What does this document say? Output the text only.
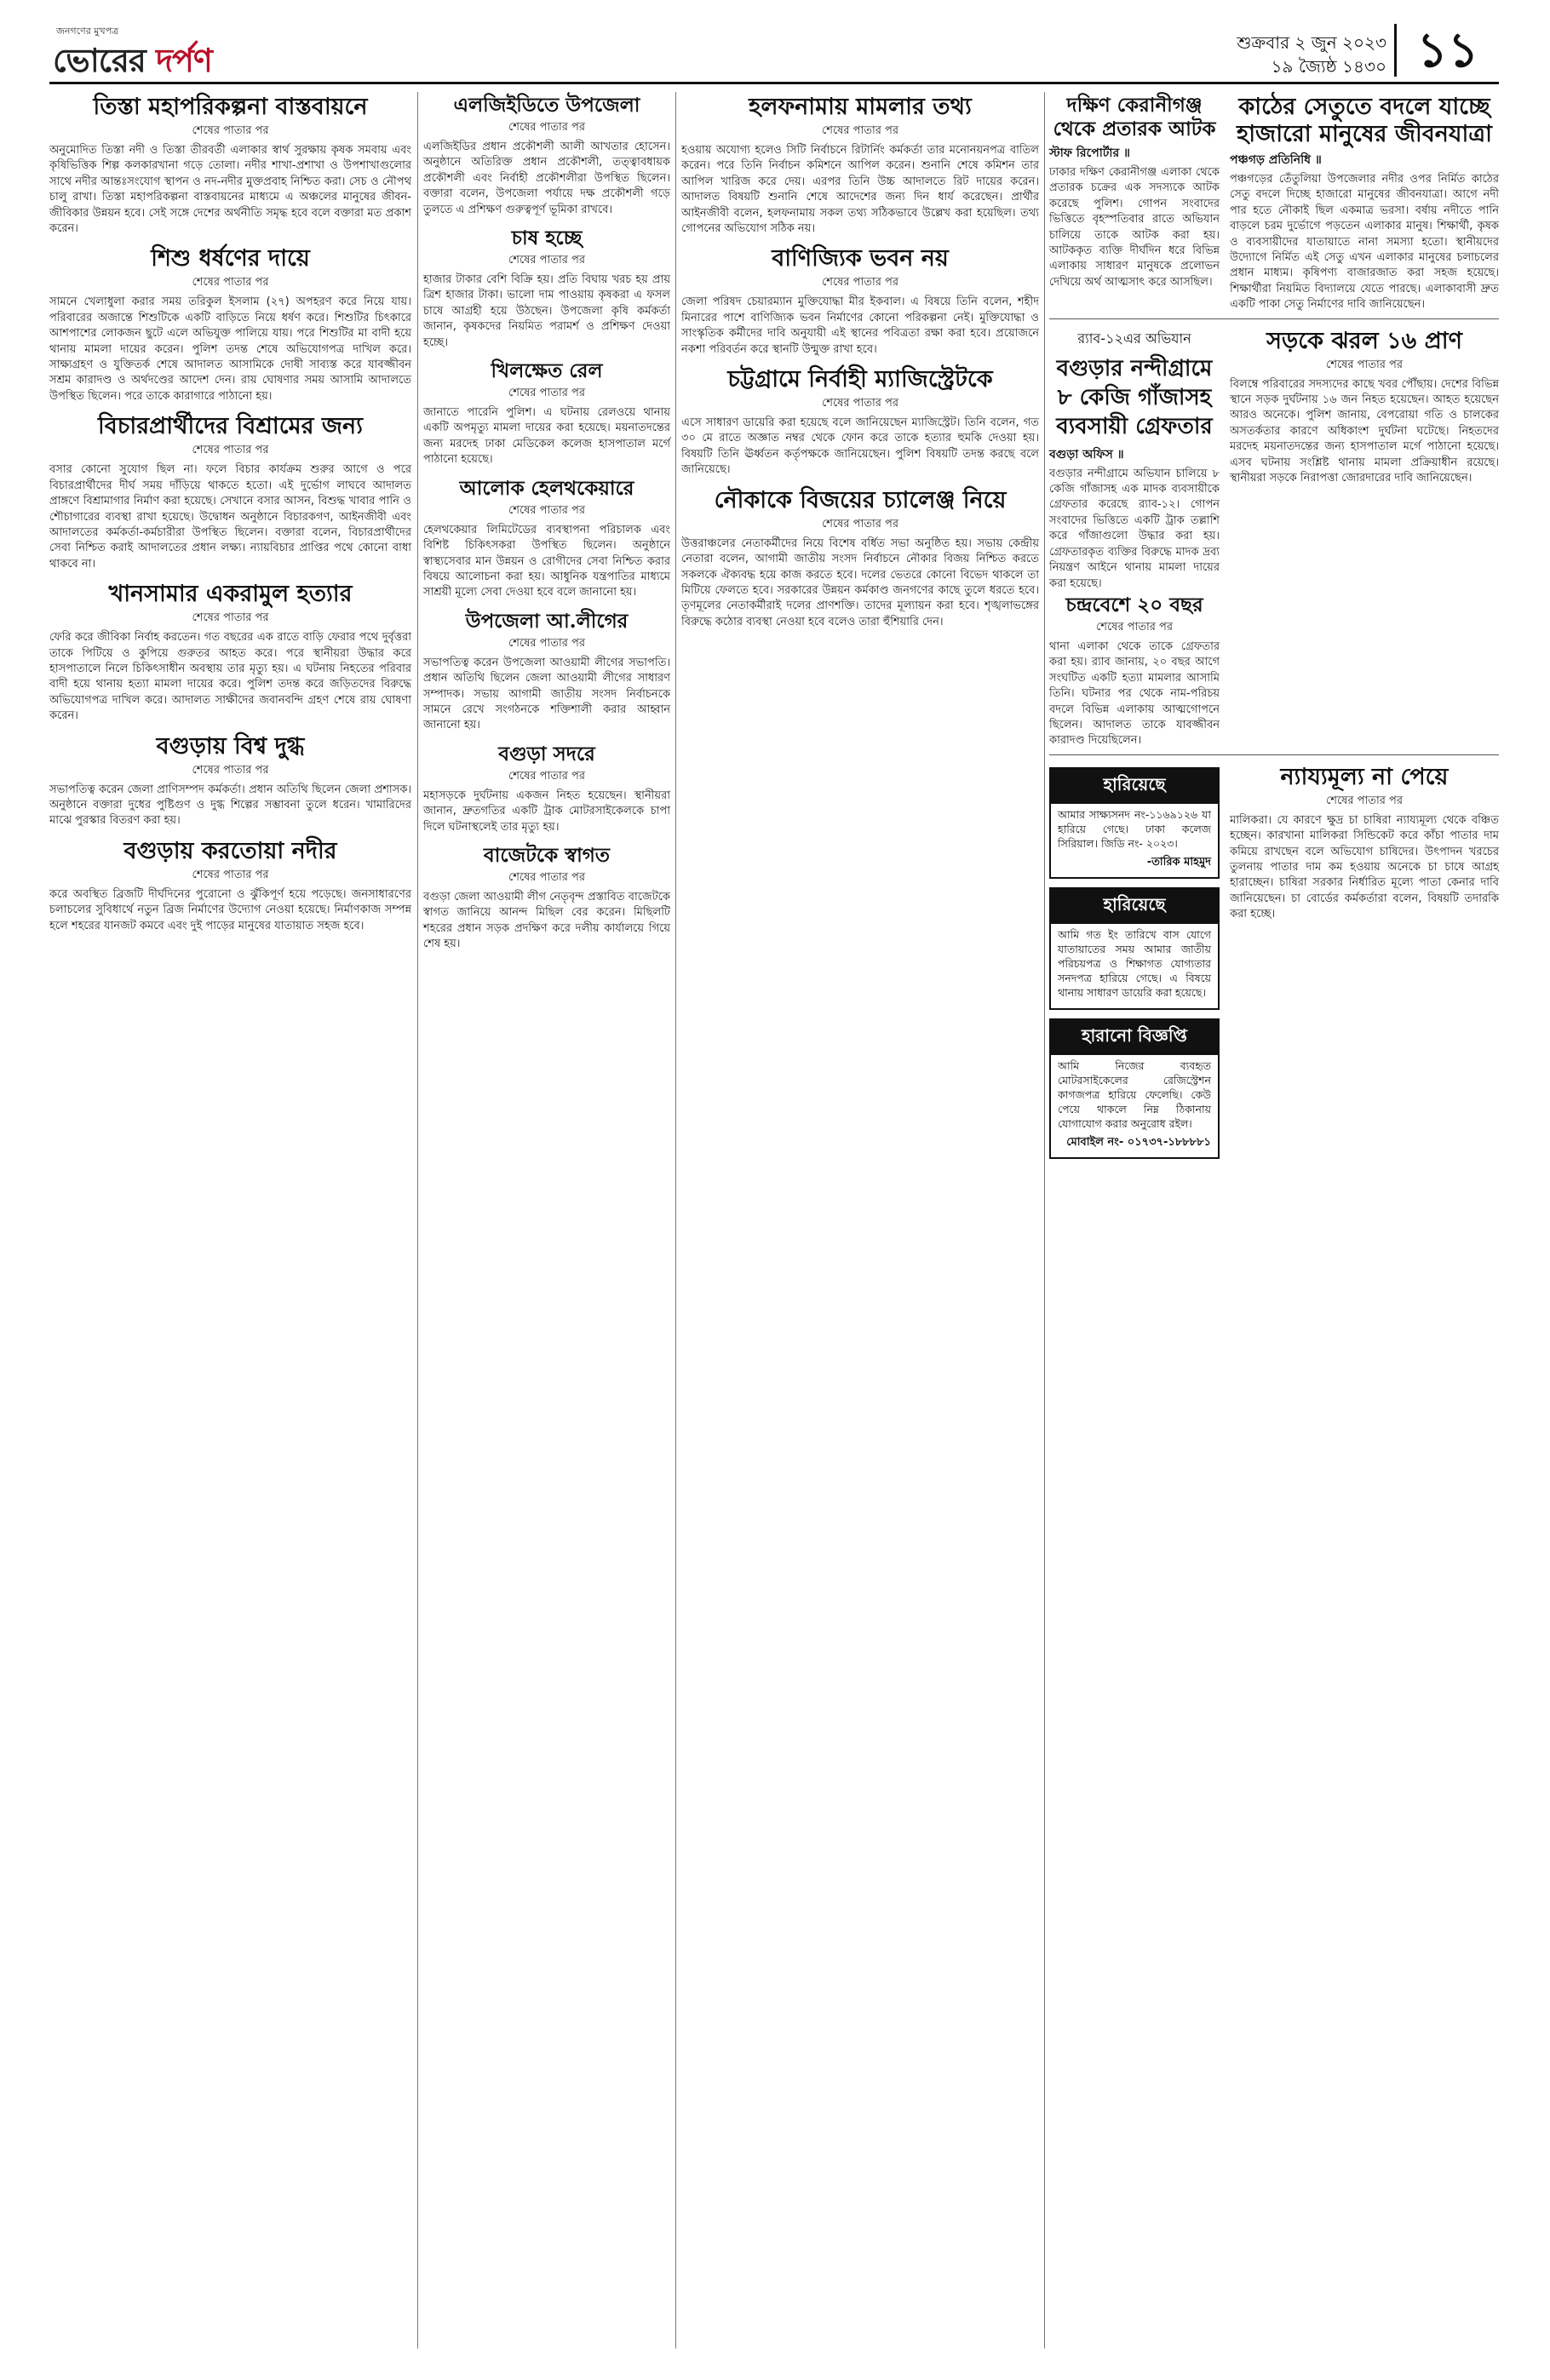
জনগণের মুখপত্র
ভোরের দর্পণ	শুক্রবার ২ জুন ২০২৩
১৯ জ্যৈষ্ঠ ১৪৩০ ১১
তিস্তা মহাপরিকল্পনা বাস্তবায়নে
শেষের পাতার পর
অনুমোদিত তিস্তা নদী ও তিস্তা তীরবর্তী এলাকার স্বার্থ সুরক্ষায় কৃষক সমবায় এবং কৃষিভিত্তিক শিল্প কলকারখানা গড়ে তোলা। নদীর শাখা-প্রশাখা ও উপশাখাগুলোর সাথে নদীর আন্তঃসংযোগ স্থাপন ও নদ-নদীর মুক্তপ্রবাহ নিশ্চিত করা। সেচ ও নৌপথ চালু রাখা। তিস্তা মহাপরিকল্পনা বাস্তবায়নের মাধ্যমে এ অঞ্চলের মানুষের জীবন-জীবিকার উন্নয়ন হবে। সেই সঙ্গে দেশের অর্থনীতি সমৃদ্ধ হবে বলে বক্তারা মত প্রকাশ করেন।
শিশু ধর্ষণের দায়ে
শেষের পাতার পর
সামনে খেলাধুলা করার সময় তরিকুল ইসলাম (২৭) অপহরণ করে নিয়ে যায়। পরিবারের অজান্তে শিশুটিকে একটি বাড়িতে নিয়ে ধর্ষণ করে। শিশুটির চিৎকারে আশপাশের লোকজন ছুটে এলে অভিযুক্ত পালিয়ে যায়। পরে শিশুটির মা বাদী হয়ে থানায় মামলা দায়ের করেন। পুলিশ তদন্ত শেষে অভিযোগপত্র দাখিল করে। সাক্ষ্যগ্রহণ ও যুক্তিতর্ক শেষে আদালত আসামিকে দোষী সাব্যস্ত করে যাবজ্জীবন সশ্রম কারাদণ্ড ও অর্থদণ্ডের আদেশ দেন। রায় ঘোষণার সময় আসামি আদালতে উপস্থিত ছিলেন। পরে তাকে কারাগারে পাঠানো হয়।
বিচারপ্রার্থীদের বিশ্রামের জন্য
শেষের পাতার পর
বসার কোনো সুযোগ ছিল না। ফলে বিচার কার্যক্রম শুরুর আগে ও পরে বিচারপ্রার্থীদের দীর্ঘ সময় দাঁড়িয়ে থাকতে হতো। এই দুর্ভোগ লাঘবে আদালত প্রাঙ্গণে বিশ্রামাগার নির্মাণ করা হয়েছে। সেখানে বসার আসন, বিশুদ্ধ খাবার পানি ও শৌচাগারের ব্যবস্থা রাখা হয়েছে। উদ্বোধন অনুষ্ঠানে বিচারকগণ, আইনজীবী এবং আদালতের কর্মকর্তা-কর্মচারীরা উপস্থিত ছিলেন। বক্তারা বলেন, বিচারপ্রার্থীদের সেবা নিশ্চিত করাই আদালতের প্রধান লক্ষ্য। ন্যায়বিচার প্রাপ্তির পথে কোনো বাধা থাকবে না।
খানসামার একরামুল হত্যার
শেষের পাতার পর
ফেরি করে জীবিকা নির্বাহ করতেন। গত বছরের এক রাতে বাড়ি ফেরার পথে দুর্বৃত্তরা তাকে পিটিয়ে ও কুপিয়ে গুরুতর আহত করে। পরে স্থানীয়রা উদ্ধার করে হাসপাতালে নিলে চিকিৎসাধীন অবস্থায় তার মৃত্যু হয়। এ ঘটনায় নিহতের পরিবার বাদী হয়ে থানায় হত্যা মামলা দায়ের করে। পুলিশ তদন্ত করে জড়িতদের বিরুদ্ধে অভিযোগপত্র দাখিল করে। আদালত সাক্ষীদের জবানবন্দি গ্রহণ শেষে রায় ঘোষণা করেন।
বগুড়ায় বিশ্ব দুগ্ধ
শেষের পাতার পর
সভাপতিত্ব করেন জেলা প্রাণিসম্পদ কর্মকর্তা। প্রধান অতিথি ছিলেন জেলা প্রশাসক। অনুষ্ঠানে বক্তারা দুধের পুষ্টিগুণ ও দুগ্ধ শিল্পের সম্ভাবনা তুলে ধরেন। খামারিদের মাঝে পুরস্কার বিতরণ করা হয়।
বগুড়ায় করতোয়া নদীর
শেষের পাতার পর
করে অবস্থিত ব্রিজটি দীর্ঘদিনের পুরোনো ও ঝুঁকিপূর্ণ হয়ে পড়েছে। জনসাধারণের চলাচলের সুবিধার্থে নতুন ব্রিজ নির্মাণের উদ্যোগ নেওয়া হয়েছে। নির্মাণকাজ সম্পন্ন হলে শহরের যানজট কমবে এবং দুই পাড়ের মানুষের যাতায়াত সহজ হবে।
এলজিইডিতে উপজেলা
শেষের পাতার পর
এলজিইডির প্রধান প্রকৌশলী আলী আখতার হোসেন। অনুষ্ঠানে অতিরিক্ত প্রধান প্রকৌশলী, তত্ত্বাবধায়ক প্রকৌশলী এবং নির্বাহী প্রকৌশলীরা উপস্থিত ছিলেন। বক্তারা বলেন, উপজেলা পর্যায়ে দক্ষ প্রকৌশলী গড়ে তুলতে এ প্রশিক্ষণ গুরুত্বপূর্ণ ভূমিকা রাখবে।
চাষ হচ্ছে
শেষের পাতার পর
হাজার টাকার বেশি বিক্রি হয়। প্রতি বিঘায় খরচ হয় প্রায় ত্রিশ হাজার টাকা। ভালো দাম পাওয়ায় কৃষকরা এ ফসল চাষে আগ্রহী হয়ে উঠছেন। উপজেলা কৃষি কর্মকর্তা জানান, কৃষকদের নিয়মিত পরামর্শ ও প্রশিক্ষণ দেওয়া হচ্ছে।
খিলক্ষেত রেল
শেষের পাতার পর
জানাতে পারেনি পুলিশ। এ ঘটনায় রেলওয়ে থানায় একটি অপমৃত্যু মামলা দায়ের করা হয়েছে। ময়নাতদন্তের জন্য মরদেহ ঢাকা মেডিকেল কলেজ হাসপাতাল মর্গে পাঠানো হয়েছে।
আলোক হেলথকেয়ারে
শেষের পাতার পর
হেলথকেয়ার লিমিটেডের ব্যবস্থাপনা পরিচালক এবং বিশিষ্ট চিকিৎসকরা উপস্থিত ছিলেন। অনুষ্ঠানে স্বাস্থ্যসেবার মান উন্নয়ন ও রোগীদের সেবা নিশ্চিত করার বিষয়ে আলোচনা করা হয়। আধুনিক যন্ত্রপাতির মাধ্যমে সাশ্রয়ী মূল্যে সেবা দেওয়া হবে বলে জানানো হয়।
উপজেলা আ.লীগের
শেষের পাতার পর
সভাপতিত্ব করেন উপজেলা আওয়ামী লীগের সভাপতি। প্রধান অতিথি ছিলেন জেলা আওয়ামী লীগের সাধারণ সম্পাদক। সভায় আগামী জাতীয় সংসদ নির্বাচনকে সামনে রেখে সংগঠনকে শক্তিশালী করার আহ্বান জানানো হয়।
বগুড়া সদরে
শেষের পাতার পর
মহাসড়কে দুর্ঘটনায় একজন নিহত হয়েছেন। স্থানীয়রা জানান, দ্রুতগতির একটি ট্রাক মোটরসাইকেলকে চাপা দিলে ঘটনাস্থলেই তার মৃত্যু হয়।
বাজেটকে স্বাগত
শেষের পাতার পর
বগুড়া জেলা আওয়ামী লীগ নেতৃবৃন্দ প্রস্তাবিত বাজেটকে স্বাগত জানিয়ে আনন্দ মিছিল বের করেন। মিছিলটি শহরের প্রধান সড়ক প্রদক্ষিণ করে দলীয় কার্যালয়ে গিয়ে শেষ হয়।
হলফনামায় মামলার তথ্য
শেষের পাতার পর
হওয়ায় অযোগ্য হলেও সিটি নির্বাচনে রিটার্নিং কর্মকর্তা তার মনোনয়নপত্র বাতিল করেন। পরে তিনি নির্বাচন কমিশনে আপিল করেন। শুনানি শেষে কমিশন তার আপিল খারিজ করে দেয়। এরপর তিনি উচ্চ আদালতে রিট দায়ের করেন। আদালত বিষয়টি শুনানি শেষে আদেশের জন্য দিন ধার্য করেছেন। প্রার্থীর আইনজীবী বলেন, হলফনামায় সকল তথ্য সঠিকভাবে উল্লেখ করা হয়েছিল। তথ্য গোপনের অভিযোগ সঠিক নয়।
বাণিজ্যিক ভবন নয়
শেষের পাতার পর
জেলা পরিষদ চেয়ারম্যান মুক্তিযোদ্ধা মীর ইকবাল। এ বিষয়ে তিনি বলেন, শহীদ মিনারের পাশে বাণিজ্যিক ভবন নির্মাণের কোনো পরিকল্পনা নেই। মুক্তিযোদ্ধা ও সাংস্কৃতিক কর্মীদের দাবি অনুযায়ী এই স্থানের পবিত্রতা রক্ষা করা হবে। প্রয়োজনে নকশা পরিবর্তন করে স্থানটি উন্মুক্ত রাখা হবে।
চট্টগ্রামে নির্বাহী ম্যাজিস্ট্রেটকে
শেষের পাতার পর
এসে সাধারণ ডায়েরি করা হয়েছে বলে জানিয়েছেন ম্যাজিস্ট্রেট। তিনি বলেন, গত ৩০ মে রাতে অজ্ঞাত নম্বর থেকে ফোন করে তাকে হত্যার হুমকি দেওয়া হয়। বিষয়টি তিনি ঊর্ধ্বতন কর্তৃপক্ষকে জানিয়েছেন। পুলিশ বিষয়টি তদন্ত করছে বলে জানিয়েছে।
নৌকাকে বিজয়ের চ্যালেঞ্জ নিয়ে
শেষের পাতার পর
উত্তরাঞ্চলের নেতাকর্মীদের নিয়ে বিশেষ বর্ধিত সভা অনুষ্ঠিত হয়। সভায় কেন্দ্রীয় নেতারা বলেন, আগামী জাতীয় সংসদ নির্বাচনে নৌকার বিজয় নিশ্চিত করতে সকলকে ঐক্যবদ্ধ হয়ে কাজ করতে হবে। দলের ভেতরে কোনো বিভেদ থাকলে তা মিটিয়ে ফেলতে হবে। সরকারের উন্নয়ন কর্মকাণ্ড জনগণের কাছে তুলে ধরতে হবে। তৃণমূলের নেতাকর্মীরাই দলের প্রাণশক্তি। তাদের মূল্যায়ন করা হবে। শৃঙ্খলাভঙ্গের বিরুদ্ধে কঠোর ব্যবস্থা নেওয়া হবে বলেও তারা হুঁশিয়ারি দেন।
দক্ষিণ কেরানীগঞ্জ থেকে প্রতারক আটক
স্টাফ রিপোর্টার ॥
ঢাকার দক্ষিণ কেরানীগঞ্জ এলাকা থেকে প্রতারক চক্রের এক সদস্যকে আটক করেছে পুলিশ। গোপন সংবাদের ভিত্তিতে বৃহস্পতিবার রাতে অভিযান চালিয়ে তাকে আটক করা হয়। আটককৃত ব্যক্তি দীর্ঘদিন ধরে বিভিন্ন এলাকায় সাধারণ মানুষকে প্রলোভন দেখিয়ে অর্থ আত্মসাৎ করে আসছিল।
কাঠের সেতুতে বদলে যাচ্ছে হাজারো মানুষের জীবনযাত্রা
পঞ্চগড় প্রতিনিধি ॥
পঞ্চগড়ের তেঁতুলিয়া উপজেলার নদীর ওপর নির্মিত কাঠের সেতু বদলে দিচ্ছে হাজারো মানুষের জীবনযাত্রা। আগে নদী পার হতে নৌকাই ছিল একমাত্র ভরসা। বর্ষায় নদীতে পানি বাড়লে চরম দুর্ভোগে পড়তেন এলাকার মানুষ। শিক্ষার্থী, কৃষক ও ব্যবসায়ীদের যাতায়াতে নানা সমস্যা হতো। স্থানীয়দের উদ্যোগে নির্মিত এই সেতু এখন এলাকার মানুষের চলাচলের প্রধান মাধ্যম। কৃষিপণ্য বাজারজাত করা সহজ হয়েছে। শিক্ষার্থীরা নিয়মিত বিদ্যালয়ে যেতে পারছে। এলাকাবাসী দ্রুত একটি পাকা সেতু নির্মাণের দাবি জানিয়েছেন।
র‍্যাব-১২এর অভিযান
বগুড়ার নন্দীগ্রামে ৮ কেজি গাঁজাসহ ব্যবসায়ী গ্রেফতার
বগুড়া অফিস ॥
বগুড়ার নন্দীগ্রামে অভিযান চালিয়ে ৮ কেজি গাঁজাসহ এক মাদক ব্যবসায়ীকে গ্রেফতার করেছে র‍্যাব-১২। গোপন সংবাদের ভিত্তিতে একটি ট্রাক তল্লাশি করে গাঁজাগুলো উদ্ধার করা হয়। গ্রেফতারকৃত ব্যক্তির বিরুদ্ধে মাদক দ্রব্য নিয়ন্ত্রণ আইনে থানায় মামলা দায়ের করা হয়েছে।
চন্দ্রবেশে ২০ বছর
শেষের পাতার পর
থানা এলাকা থেকে তাকে গ্রেফতার করা হয়। র‍্যাব জানায়, ২০ বছর আগে সংঘটিত একটি হত্যা মামলার আসামি তিনি। ঘটনার পর থেকে নাম-পরিচয় বদলে বিভিন্ন এলাকায় আত্মগোপনে ছিলেন। আদালত তাকে যাবজ্জীবন কারাদণ্ড দিয়েছিলেন।
সড়কে ঝরল ১৬ প্রাণ
শেষের পাতার পর
বিলম্বে পরিবারের সদস্যদের কাছে খবর পৌঁছায়। দেশের বিভিন্ন স্থানে সড়ক দুর্ঘটনায় ১৬ জন নিহত হয়েছেন। আহত হয়েছেন আরও অনেকে। পুলিশ জানায়, বেপরোয়া গতি ও চালকের অসতর্কতার কারণে অধিকাংশ দুর্ঘটনা ঘটেছে। নিহতদের মরদেহ ময়নাতদন্তের জন্য হাসপাতাল মর্গে পাঠানো হয়েছে। এসব ঘটনায় সংশ্লিষ্ট থানায় মামলা প্রক্রিয়াধীন রয়েছে। স্থানীয়রা সড়কে নিরাপত্তা জোরদারের দাবি জানিয়েছেন।
হারিয়েছে
আমার সাক্ষ্যসনদ নং-১১৬৯১২৬ যা হারিয়ে গেছে। ঢাকা কলেজ সিরিয়াল। জিডি নং- ২০২৩।
-তারিক মাহমুদ
হারিয়েছে
আমি গত ইং তারিখে বাস যোগে যাতায়াতের সময় আমার জাতীয় পরিচয়পত্র ও শিক্ষাগত যোগ্যতার সনদপত্র হারিয়ে গেছে। এ বিষয়ে থানায় সাধারণ ডায়েরি করা হয়েছে।
হারানো বিজ্ঞপ্তি
আমি নিজের ব্যবহৃত মোটরসাইকেলের রেজিস্ট্রেশন কাগজপত্র হারিয়ে ফেলেছি। কেউ পেয়ে থাকলে নিম্ন ঠিকানায় যোগাযোগ করার অনুরোধ রইল।
মোবাইল নং- ০১৭৩৭-১৮৮৮৮১
ন্যায্যমূল্য না পেয়ে
শেষের পাতার পর
মালিকরা। যে কারণে ক্ষুদ্র চা চাষিরা ন্যায্যমূল্য থেকে বঞ্চিত হচ্ছেন। কারখানা মালিকরা সিন্ডিকেট করে কাঁচা পাতার দাম কমিয়ে রাখছেন বলে অভিযোগ চাষিদের। উৎপাদন খরচের তুলনায় পাতার দাম কম হওয়ায় অনেকে চা চাষে আগ্রহ হারাচ্ছেন। চাষিরা সরকার নির্ধারিত মূল্যে পাতা কেনার দাবি জানিয়েছেন। চা বোর্ডের কর্মকর্তারা বলেন, বিষয়টি তদারকি করা হচ্ছে।
